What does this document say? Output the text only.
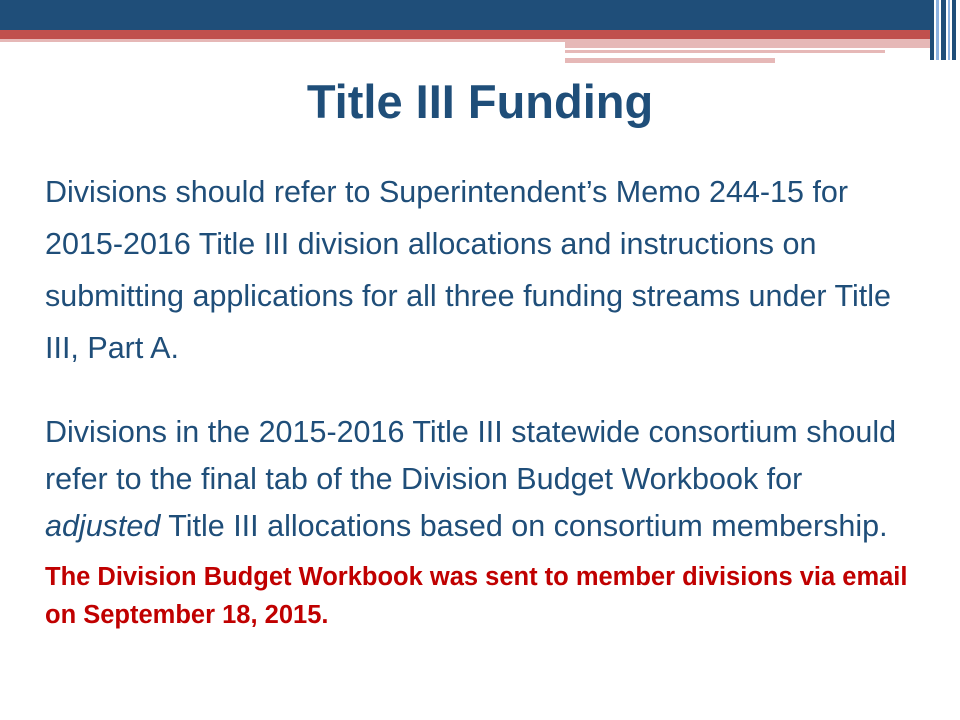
Title III Funding

Divisions should refer to Superintendent’s Memo 244-15 for 2015-2016 Title III division allocations and instructions on submitting applications for all three funding streams under Title III, Part A.

Divisions in the 2015-2016 Title III statewide consortium should refer to the final tab of the Division Budget Workbook for adjusted Title III allocations based on consortium membership.

The Division Budget Workbook was sent to member divisions via email on September 18, 2015.
